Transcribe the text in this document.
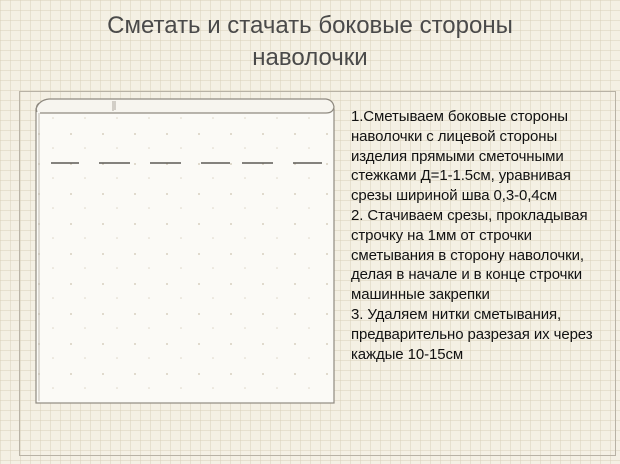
Сметать и стачать боковые стороны
наволочки

1.Сметываем боковые стороны наволочки с лицевой стороны изделия прямыми сметочными стежками Д=1-1.5см, уравнивая срезы шириной шва 0,3-0,4см

2. Стачиваем срезы, прокладывая строчку на 1мм от строчки сметывания в сторону наволочки, делая в начале и в конце строчки машинные закрепки

3. Удаляем нитки сметывания, предварительно разрезая их через каждые 10-15см
